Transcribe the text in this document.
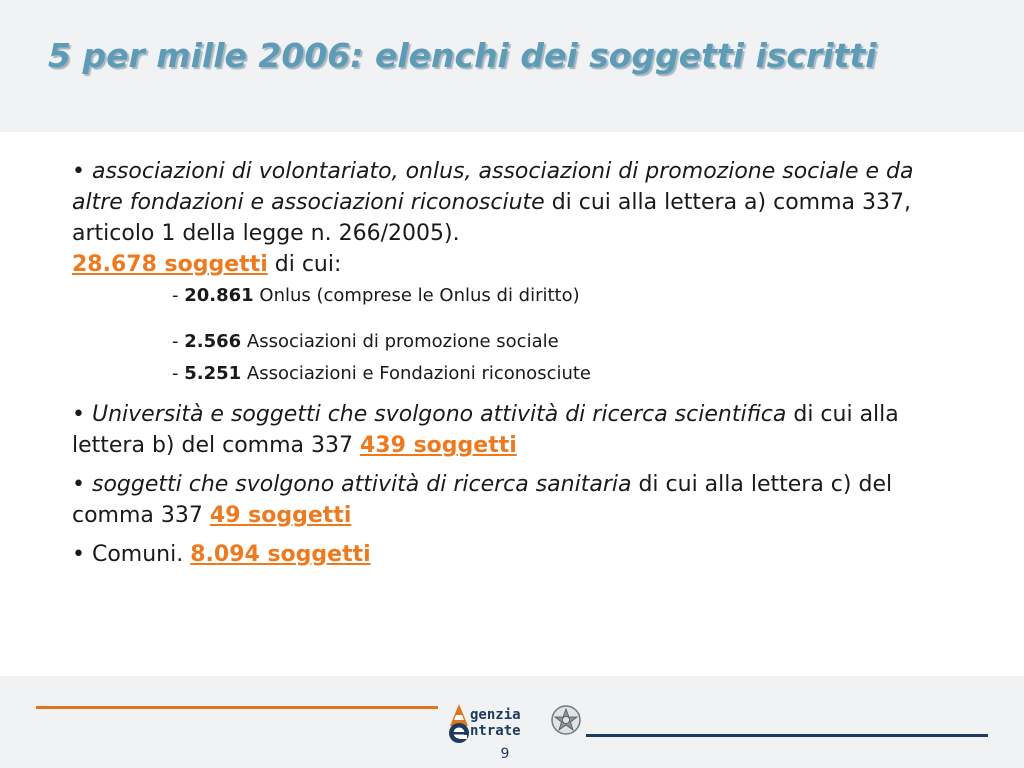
5 per mille 2006: elenchi dei soggetti iscritti

• associazioni di volontariato, onlus, associazioni di promozione sociale e da altre fondazioni e associazioni riconosciute di cui alla lettera a) comma 337, articolo 1 della legge n. 266/2005).
28.678 soggetti di cui:

- 20.861 Onlus (comprese le Onlus di diritto)

- 2.566 Associazioni di promozione sociale

- 5.251 Associazioni e Fondazioni riconosciute

• Università e soggetti che svolgono attività di ricerca scientifica di cui alla lettera b) del comma 337 439 soggetti

• soggetti che svolgono attività di ricerca sanitaria di cui alla lettera c) del comma 337 49 soggetti

• Comuni. 8.094 soggetti

genzia
ntrate
9
